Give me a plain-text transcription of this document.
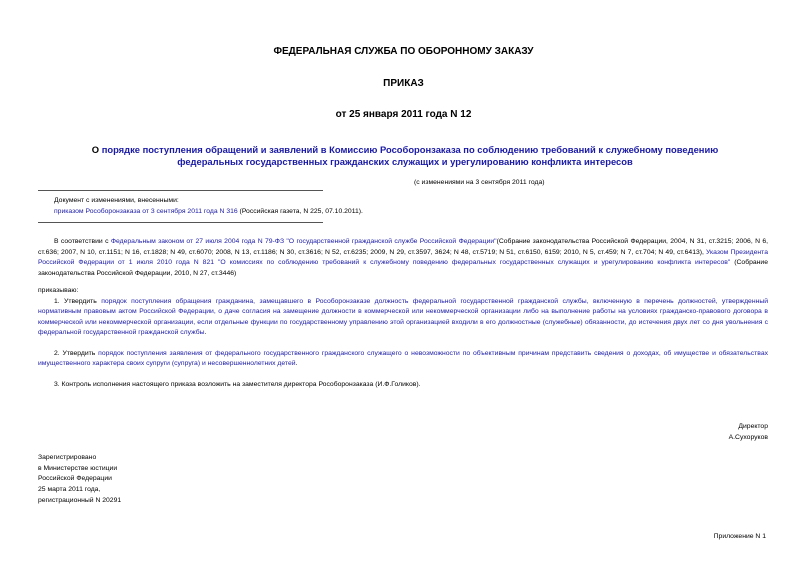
ФЕДЕРАЛЬНАЯ СЛУЖБА ПО ОБОРОННОМУ ЗАКАЗУ
ПРИКАЗ
от 25 января 2011 года N 12
О порядке поступления обращений и заявлений в Комиссию Рособоронзаказа по соблюдению требований к служебному поведению федеральных государственных гражданских служащих и урегулированию конфликта интересов
(с изменениями на 3 сентября 2011 года)
Документ с изменениями, внесенными:
приказом Рособоронзаказа от 3 сентября 2011 года N 316 (Российская газета, N 225, 07.10.2011).
В соответствии с Федеральным законом от 27 июля 2004 года N 79-ФЗ "О государственной гражданской службе Российской Федерации"(Собрание законодательства Российской Федерации, 2004, N 31, ст.3215; 2006, N 6, ст.636; 2007, N 10, ст.1151; N 16, ст.1828; N 49, ст.6070; 2008, N 13, ст.1186; N 30, ст.3616; N 52, ст.6235; 2009, N 29, ст.3597, 3624; N 48, ст.5719; N 51, ст.6150, 6159; 2010, N 5, ст.459; N 7, ст.704; N 49, ст.6413), Указом Президента Российской Федерации от 1 июля 2010 года N 821 "О комиссиях по соблюдению требований к служебному поведению федеральных государственных служащих и урегулированию конфликта интересов" (Собрание законодательства Российской Федерации, 2010, N 27, ст.3446)
приказываю:
1. Утвердить порядок поступления обращения гражданина, замещавшего в Рособоронзаказе должность федеральной государственной гражданской службы, включенную в перечень должностей, утвержденный нормативным правовым актом Российской Федерации, о даче согласия на замещение должности в коммерческой или некоммерческой организации либо на выполнение работы на условиях гражданско-правового договора в коммерческой или некоммерческой организации, если отдельные функции по государственному управлению этой организацией входили в его должностные (служебные) обязанности, до истечения двух лет со дня увольнения с федеральной государственной гражданской службы.
2. Утвердить порядок поступления заявления от федерального государственного гражданского служащего о невозможности по объективным причинам представить сведения о доходах, об имуществе и обязательствах имущественного характера своих супруги (супруга) и несовершеннолетних детей.
3. Контроль исполнения настоящего приказа возложить на заместителя директора Рособоронзаказа (И.Ф.Голиков).
Директор
А.Сухоруков
Зарегистрировано
в Министерстве юстиции
Российской Федерации
25 марта 2011 года,
регистрационный N 20291
Приложение N 1
